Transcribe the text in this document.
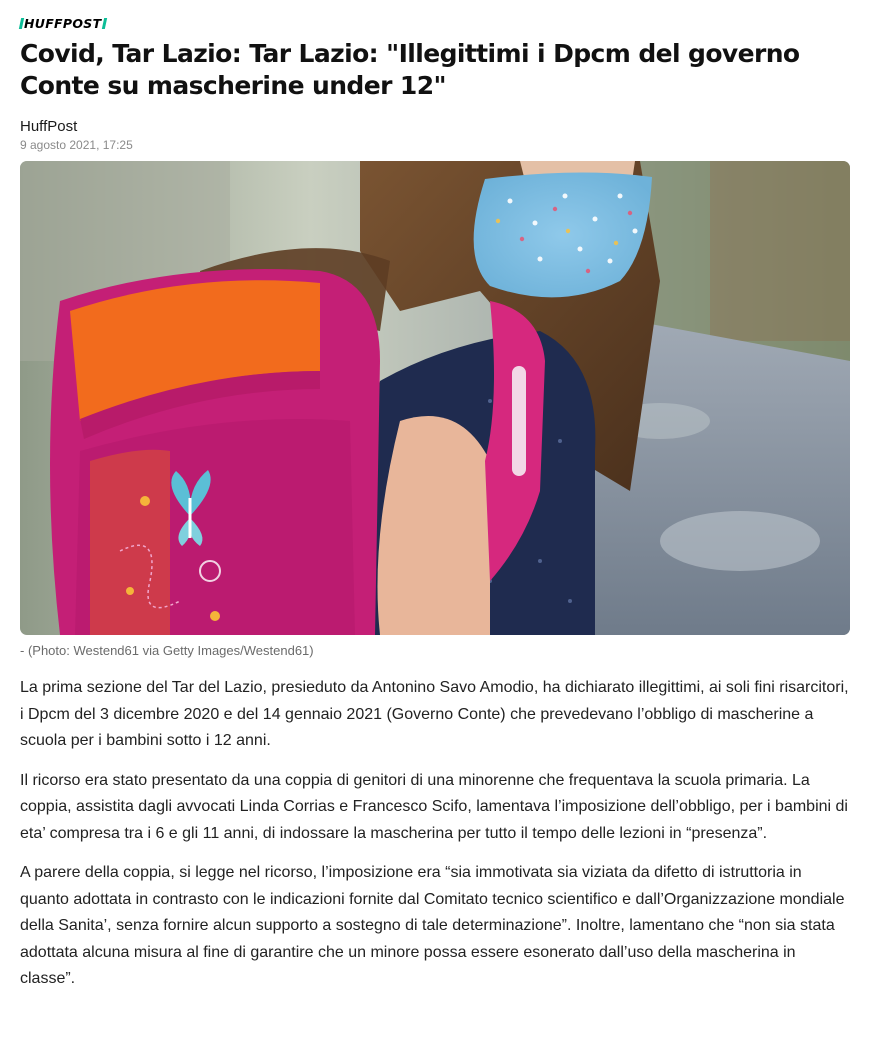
HUFFPOST
Covid, Tar Lazio: Tar Lazio: "Illegittimi i Dpcm del governo Conte su mascherine under 12"
HuffPost
9 agosto 2021, 17:25
- (Photo: Westend61 via Getty Images/Westend61)

La prima sezione del Tar del Lazio, presieduto da Antonino Savo Amodio, ha dichiarato illegittimi, ai soli fini risarcitori, i Dpcm del 3 dicembre 2020 e del 14 gennaio 2021 (Governo Conte) che prevedevano l’obbligo di mascherine a scuola per i bambini sotto i 12 anni.

Il ricorso era stato presentato da una coppia di genitori di una minorenne che frequentava la scuola primaria. La coppia, assistita dagli avvocati Linda Corrias e Francesco Scifo, lamentava l’imposizione dell’obbligo, per i bambini di eta’ compresa tra i 6 e gli 11 anni, di indossare la mascherina per tutto il tempo delle lezioni in “presenza”.

A parere della coppia, si legge nel ricorso, l’imposizione era “sia immotivata sia viziata da difetto di istruttoria in quanto adottata in contrasto con le indicazioni fornite dal Comitato tecnico scientifico e dall’Organizzazione mondiale della Sanita’, senza fornire alcun supporto a sostegno di tale determinazione”. Inoltre, lamentano che “non sia stata adottata alcuna misura al fine di garantire che un minore possa essere esonerato dall’uso della mascherina in classe”.
